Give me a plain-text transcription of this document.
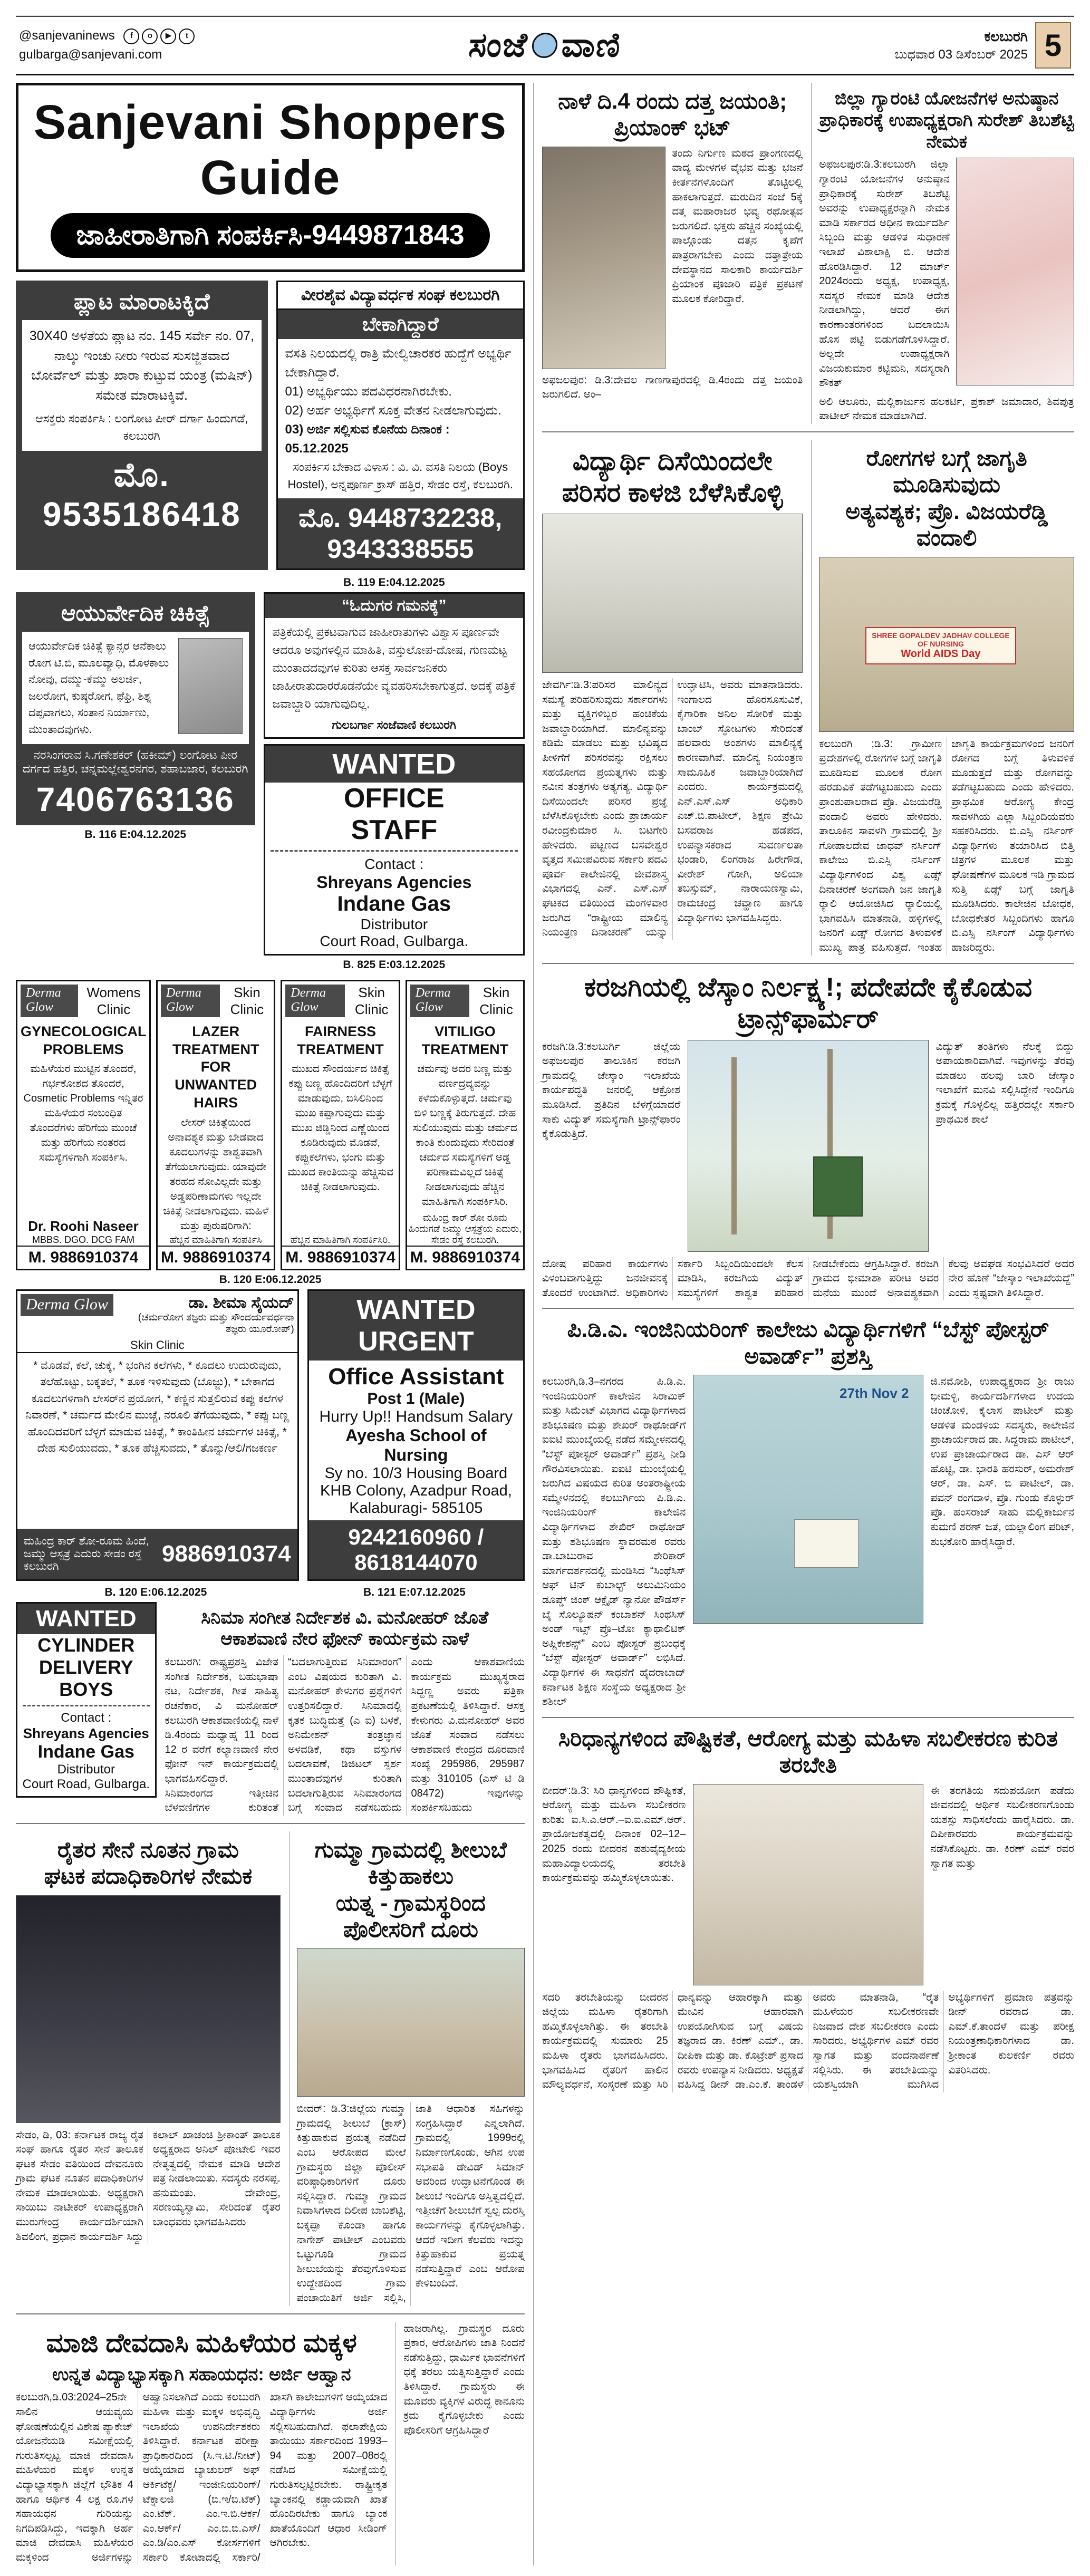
@sanjevaninews	f	o	▶	t
gulbarga@sanjevani.com	ಸಂಜೆ ವಾಣಿ	ಕಲಬುರಗಿ
ಬುಧವಾರ 03 ಡಿಸೆಂಬರ್ 2025 5
Sanjevani Shoppers Guide
ಜಾಹೀರಾತಿಗಾಗಿ ಸಂಪರ್ಕಿಸಿ-9449871843
ಪ್ಲಾಟ ಮಾರಾಟಕ್ಕಿದೆ
30X40 ಅಳತೆಯ ಪ್ಲಾಟ ನಂ. 145 ಸರ್ವೇ ನಂ. 07, ನಾಲ್ಕು ಇಂಚು ನೀರು ಇರುವ ಸುಸಜ್ಜಿತವಾದ ಬೋರ್ವೆಲ್ ಮತ್ತು ಖಾರಾ ಕುಟ್ಟುವ ಯಂತ್ರ (ಮಷಿನ್) ಸಮೇತ ಮಾರಾಟಕ್ಕಿವೆ.
ಆಸಕ್ತರು ಸಂಪರ್ಕಿಸಿ : ಲಂಗೋಟ ಪೀರ್ ದರ್ಗಾ ಹಿಂದುಗಡೆ, ಕಲಬುರಗಿ
ಮೊ. 9535186418
ವೀರಶೈವ ವಿದ್ಯಾವರ್ಧಕ ಸಂಘ ಕಲಬುರಗಿ
ಬೇಕಾಗಿದ್ದಾರೆ
ವಸತಿ ನಿಲಯದಲ್ಲಿ ರಾತ್ರಿ ಮೇಲ್ವಿಚಾರಕರ ಹುದ್ದೆಗೆ ಅಭ್ಯರ್ಥಿ ಬೇಕಾಗಿದ್ದಾರೆ.
01) ಅಭ್ಯರ್ಥಿಯು ಪದವಿಧರನಾಗಿರಬೇಕು.
02) ಅರ್ಹ ಅಭ್ಯರ್ಥಿಗೆ ಸೂಕ್ತ ವೇತನ ನೀಡಲಾಗುವುದು.
03) ಅರ್ಜಿ ಸಲ್ಲಿಸುವ ಕೊನೆಯ ದಿನಾಂಕ : 05.12.2025
ಸಂಪರ್ಕಿಸ ಬೇಕಾದ ವಿಳಾಸ : ವಿ. ವಿ. ವಸತಿ ನಿಲಯ (Boys Hostel), ಅನ್ನಪೂರ್ಣ ಕ್ರಾಸ್ ಹತ್ತಿರ, ಸೇಡಂ ರಸ್ತೆ, ಕಲಬುರಗಿ.
ಮೊ. 9448732238, 9343338555
B. 119 E:04.12.2025
ಆಯುರ್ವೇದಿಕ ಚಿಕಿತ್ಸೆ
ಆಯುರ್ವೇದಿಕ ಚಿಕಿತ್ಸೆ ಕ್ಯಾನ್ಸರ ಆನೆಕಾಲು ರೋಗ ಟಿ.ಬಿ, ಮೂಲವ್ಯಾಧಿ, ಮೊಳಕಾಲು ನೋವು, ದಮ್ಮು-ಕೆಮ್ಮು ಅಲರ್ಜಿ, ಜಲರೋಗ, ಕುಷ್ಠರೋಗ, ಫೆಫ್ರಿ, ಶಿಶ್ನ ದಪ್ಪವಾಗಲು, ಸಂತಾನ ನಿರ್ಯಾಣು, ಮುಂತಾದವುಗಳು.
ನರಸಿಂಗರಾವ ಸಿ.ಗಣೇಶಕರ್ (ಹಕೀಮ್) ಲಂಗೋಟ ಪೀರ ದರ್ಗದ ಹತ್ತಿರ, ಚನ್ನಮಲ್ಲೇಶ್ವರನಗರ, ಶಹಾಬಜಾರ, ಕಲಬುರಗಿ
7406763136
B. 116 E:04.12.2025
“ಓದುಗರ ಗಮನಕ್ಕೆ”
ಪತ್ರಿಕೆಯಲ್ಲಿ ಪ್ರಕಟವಾಗುವ ಜಾಹೀರಾತುಗಳು ವಿಶ್ವಾಸ ಪೂರ್ಣವೇ ಆದರೂ ಅವುಗಳಲ್ಲಿನ ಮಾಹಿತಿ, ವಸ್ತುಲೋಪ-ದೋಷ, ಗುಣಮಟ್ಟ ಮುಂತಾದದವುಗಳ ಕುರಿತು ಆಸಕ್ತ ಸಾರ್ವಜನಿಕರು ಜಾಹೀರಾತುದಾರರೊಡನೆಯೇ ವ್ಯವಹರಿಸಬೇಕಾಗುತ್ತದೆ. ಅದಕ್ಕೆ ಪತ್ರಿಕೆ ಜವಾಬ್ದಾರಿ ಯಾಗುವುದಿಲ್ಲ.
ಗುಲಬರ್ಗಾ ಸಂಜೆವಾಣಿ ಕಲಬುರಗಿ
WANTED
OFFICE
STAFF
Contact :
Shreyans Agencies
Indane Gas
Distributor
Court Road, Gulbarga.
B. 825 E:03.12.2025
Derma Glow
Womens Clinic
GYNECOLOGICAL PROBLEMS
ಮಹಿಳೆಯರ ಮುಟ್ಟಿನ ತೊಂದರೆ, ಗರ್ಭಕೋಶದ ತೊಂದರೆ, Cosmetic Problems ಇನ್ನಿತರ ಮಹಿಳೆಯರ ಸಂಬಂಧಿತ ತೊಂದರೆಗಳು ಹೆರಿಗೆಯ ಮುಂಚೆ ಮತ್ತು ಹೆರಿಗೆಯ ನಂತರದ ಸಮಸ್ಯೆಗಳಿಗಾಗಿ ಸಂಪರ್ಕಿಸಿ.
Dr. Roohi Naseer
MBBS. DGO. DCG FAM
M. 9886910374
Derma Glow
Skin Clinic
LAZER TREATMENT FOR UNWANTED HAIRS
ಲೇಸರ್ ಚಿಕಿತ್ಸೆಯಿಂದ ಅನಾವಶ್ಯಕ ಮತ್ತು ಬೇಡವಾದ ಕೂದಲುಗಳನ್ನು ಶಾಶ್ವತವಾಗಿ ತೆಗೆಯಲಾಗುವುದು. ಯಾವುದೇ ತರಹದ ನೋವಿಲ್ಲದೇ ಮತ್ತು ಅಡ್ಡಪರಿಣಾಮಗಳು ಇಲ್ಲದೇ ಚಿಕಿತ್ಸೆ ನೀಡಲಾಗುವುದು. ಮಹಿಳೆ ಮತ್ತು ಪುರುಷರಿಗಾಗಿ:
ಹೆಚ್ಚಿನ ಮಾಹಿತಿಗಾಗಿ ಸಂಪರ್ಕಿಸಿ
M. 9886910374
Derma Glow
Skin Clinic
FAIRNESS TREATMENT
ಮುಖದ ಸೌಂದರ್ಯದ ಚಿಕಿತ್ಸೆ ಕಪ್ಪು ಬಣ್ಣ ಹೊಂದಿದರಿಗೆ ಬೆಳ್ಳಗೆ ಮಾಡುವುದು, ಬಿಸಿಲಿನಿಂದ ಮುಖ ಕಪ್ಪಾಗುವುದು ಮತ್ತು ಮುಖ ಜಿಡ್ಡಿನಿಂದ ಎಣ್ಣೆಯಿಂದ ಕೂಡಿರುವುದು ಮೊಡವೆ, ಕಪ್ಪುಕಲೆಗಳು, ಭಂಗು ಮತ್ತು ಮುಖದ ಕಾಂತಿಯನ್ನು ಹೆಚ್ಚಿಸುವ ಚಿಕಿತ್ಸೆ ನೀಡಲಾಗುವುದು.
ಹೆಚ್ಚಿನ ಮಾಹಿತಿಗಾಗಿ ಸಂಪರ್ಕಿಸಿರಿ.
M. 9886910374
Derma Glow
Skin Clinic
VITILIGO TREATMENT
ಚರ್ಮವು ಅದರ ಬಣ್ಣ ಮತ್ತು ವರ್ಣದ್ರವ್ಯವನ್ನು ಕಳೆದುಕೊಳ್ಳುತ್ತದೆ. ಚರ್ಮವು ಬಿಳಿ ಬಣ್ಣಕ್ಕೆ ತಿರುಗುತ್ತದೆ. ದೇಹ ಸುಲಿಯುವುದು ಮತ್ತು ಚರ್ಮದ ಕಾಂತಿ ಕುಂದುವುದು ಸೇರಿದಂತೆ ಚರ್ಮದ ಸಮಸ್ಯೆಗಳಿಗೆ ಅಡ್ಡ ಪರಿಣಾಮವಿಲ್ಲದೆ ಚಿಕಿತ್ಸೆ ನೀಡಲಾಗುವುದು ಹೆಚ್ಚಿನ ಮಾಹಿತಿಗಾಗಿ ಸಂಪರ್ಕಿಸಿರಿ.
ಮಹಿಂದ್ರ ಕಾರ್ ಶೋ ರೂಮ ಹಿಂದುಗಡೆ ಜಮ್ಮು ಆಸ್ಪತ್ರೆಯ ಎದುರು, ಸೇಡಂ ರಸ್ತೆ ಕಲಬುರಗಿ.
M. 9886910374
B. 120 E:06.12.2025
Derma Glow	ಡಾ. ಶೀಮಾ ಸೈಯದ್
(ಚರ್ಮರೋಗ ತಜ್ಞರು ಮತ್ತು ಸೌಂದರ್ಯವರ್ಧನಾ ತಜ್ಞರು ಯೂರೋಪ್)
Skin Clinic
* ಮೊಡವೆ, ಕಲೆ, ಚುಕ್ಕೆ, * ಭಂಗಿನ ಕಲೆಗಳು, * ಕೂದಲು ಉದುರುವುದು, ತಲೆಹೊಟ್ಟು, ಬಕ್ಕತಲೆ, * ತೂಕ ಇಳಿಸುವುದು (ಬೊಜ್ಜು), * ಬೇಕಾಗದ ಕೂದಲುಗಳಿಗಾಗಿ ಲೇಸರ್‌ನ ಪ್ರಯೋಗ, * ಕಣ್ಣಿನ ಸುತ್ತಲಿರುವ ಕಪ್ಪು ಕಲೆಗಳ ನಿವಾರಣೆ, * ಚರ್ಮದ ಮೇಲಿನ ಮುಚ್ಚೆ, ನರೂಲಿ ತೆಗೆಯುವುದು, * ಕಪ್ಪು ಬಣ್ಣ ಹೊಂದಿದವರಿಗೆ ಬೆಳ್ಳಗೆ ಮಾಡುವ ಚಿಕಿತ್ಸೆ, * ಕಾಂತಿಹೀನ ಚರ್ಮಗಳ ಚಿಕಿತ್ಸೆ, * ದೇಹ ಸುಲಿಯುವದು, * ತೂಕ ಹೆಚ್ಚಿಸುವದು, * ತೊನ್ನು/ಆಲಿ/ಗಜಕರ್ಣ
ಮಹಿಂದ್ರ ಕಾರ್ ಶೋ-ರೂಮ ಹಿಂದೆ, ಜಮ್ಮು ಆಸ್ಪತ್ರೆ ಎದುರು ಸೇಡಂ ರಸ್ತೆ ಕಲಬುರಗಿ	9886910374
WANTED URGENT
Office Assistant
Post 1 (Male)
Hurry Up!! Handsum Salary
Ayesha School of Nursing
Sy no. 10/3 Housing Board KHB Colony, Azadpur Road, Kalaburagi- 585105
9242160960 / 8618144070
B. 120 E:06.12.2025	B. 121 E:07.12.2025
WANTED
CYLINDER
DELIVERY
BOYS
Contact :
Shreyans Agencies
Indane Gas
Distributor
Court Road, Gulbarga.
ಸಿನಿಮಾ ಸಂಗೀತ ನಿರ್ದೇಶಕ ವಿ. ಮನೋಹರ್ ಜೊತೆ
ಆಕಾಶವಾಣಿ ನೇರ ಫೋನ್ ಕಾರ್ಯಕ್ರಮ ನಾಳೆ
ಕಲಬುರಗಿ: ರಾಷ್ಟ್ರಪ್ರಶಸ್ತಿ ವಿಜೇತ ಸಂಗೀತ ನಿರ್ದೇಶಕ, ಬಹುಭಾಷಾ ನಟ, ನಿರ್ದೇಶಕ, ಗೀತ ಸಾಹಿತ್ಯ ರಚನೆಕಾರ, ವಿ ಮನೋಹರ್ ಕಲಬುರಗಿ ಆಕಾಶವಾಣಿಯಲ್ಲಿ ನಾಳೆ ಡಿ.4ರಂದು ಮಧ್ಯಾಹ್ನ 11 ರಿಂದ 12 ರ ವರೆಗೆ ಕಲ್ಯಾಣವಾಣಿ ನೇರ ಫೋನ್ ಇನ್ ಕಾರ್ಯಕ್ರಮದಲ್ಲಿ ಭಾಗವಹಿಸಲಿದ್ದಾರೆ. ಸಿನಿಮಾರಂಗದ ಇತ್ತೀಚಿನ ಬೆಳವಣಿಗೆಗಳ ಕುರಿತಂತೆ “ಬದಲಾಗುತ್ತಿರುವ ಸಿನಿಮಾರಂಗ” ಎಂಬ ವಿಷಯದ ಕುರಿತಾಗಿ ವಿ. ಮನೋಹರ್ ಕೇಳುಗರ ಪ್ರಶ್ನೆಗಳಿಗೆ ಉತ್ತರಿಸಲಿದ್ದಾರೆ. ಸಿನಿಮಾದಲ್ಲಿ ಕೃತಕ ಬುದ್ಧಿಮತ್ತೆ (ಎ ಐ) ಬಳಕೆ, ಅನಿಮೇಶನ್ ತಂತ್ರಜ್ಞಾನ ಅಳವಡಿಕೆ, ಕಥಾ ವಸ್ತುಗಳ ಬದಲಾವಣೆ, ಡಿಜಿಟಲ್ ಸ್ಪರ್ಶ ಮುಂತಾದವುಗಳ ಕುರಿತಾಗಿ ಬದಲಾಗುತ್ತಿರುವ ಸಿನಿಮಾರಂಗದ ಬಗ್ಗೆ ಸಂವಾದ ನಡೆಸಬಹುದು ಎಂದು ಆಕಾಶವಾಣಿಯ ಕಾರ್ಯಕ್ರಮ ಮುಖ್ಯಸ್ಥರಾದ ಸಿದ್ದಣ್ಣ ಅವರು ಪತ್ರಿಕಾ ಪ್ರಕಟಣೆಯಲ್ಲಿ ತಿಳಿಸಿದ್ದಾರೆ. ಆಸಕ್ತ ಕೇಳುಗರು ವಿ.ಮನೋಹರ್ ಅವರ ಜೊತೆ ಸಂವಾದ ನಡೆಸಲು ಆಕಾಶವಾಣಿ ಕೇಂದ್ರದ ದೂರವಾಣಿ ಸಂಖ್ಯೆ 295986, 295987 ಮತ್ತು 310105 (ಎಸ್ ಟಿ ಡಿ 08472) ಇವುಗಳನ್ನು ಸಂಪರ್ಕಿಸಬಹುದು
ರೈತರ ಸೇನೆ ನೂತನ ಗ್ರಾಮ
ಘಟಕ ಪದಾಧಿಕಾರಿಗಳ ನೇಮಕ
ಸೇಡಂ, ಡಿ, 03: ಕರ್ನಾಟಕ ರಾಜ್ಯ ರೈತ ಸಂಘ ಹಾಗೂ ರೈತರ ಸೇನೆ ತಾಲೂಕ ಘಟಕ ಸೇಡಂ ವತಿಯಿಂದ ದೇವನೂರು ಗ್ರಾಮ ಘಟಕ ನೂತನ ಪದಾಧಿಕಾರಿಗಳ ನೇಮಕ ಮಾಡಲಾಯಿತು. ಅಧ್ಯಕ್ಷರಾಗಿ ಸಾಯಿಬು ನಾಟೀಕರ್ ಉಪಾಧ್ಯಕ್ಷರಾಗಿ ಮುರುಗೇಂದ್ರ ಕಾರ್ಯದರ್ಶಿಯಾಗಿ ಶಿವಲಿಂಗ, ಪ್ರಧಾನ ಕಾರ್ಯದರ್ಶಿ ಸಿದ್ದು ಕಲಾಲ್ ಖಾಚಂಚಿ ಶ್ರೀಕಾಂತ್ ತಾಲೂಕ ಅಧ್ಯಕ್ಷರಾದ ಅನಿಲ್ ಪೋಟೇಲಿ ಇವರ ನೇತೃತ್ವದಲ್ಲಿ ನೇಮಕ ಮಾಡಿ ಆದೇಶ ಪತ್ರ ನೀಡಲಾಯಿತು. ಸದಸ್ಯರು ನರಸಪ್ಪ. ಹನುಮಂತು. ದೇವೇಂದ್ರ, ಸರಣಯ್ಯಸ್ವಾಮಿ, ಸೇರಿದಂತೆ ರೈತರ ಬಾಂಧವರು ಭಾಗವಹಿಸಿದರು
ಗುಮ್ಮಾ ಗ್ರಾಮದಲ್ಲಿ ಶೀಲುಬೆ ಕಿತ್ತುಹಾಕಲು
ಯತ್ನ - ಗ್ರಾಮಸ್ಥರಿಂದ ಪೊಲೀಸರಿಗೆ ದೂರು
ಬೀದರ್: ಡಿ.3:ಜಿಲ್ಲೆಯ ಗುಮ್ಮಾ ಗ್ರಾಮದಲ್ಲಿ ಶೀಲುಬೆ (ಕ್ರಾಸ್) ಕಿತ್ತುಹಾಕುವ ಪ್ರಯತ್ನ ನಡೆದಿದೆ ಎಂಬ ಆರೋಪದ ಮೇಲೆ ಗ್ರಾಮಸ್ಥರು ಜಿಲ್ಲಾ ಪೊಲೀಸ್ ವರಿಷ್ಠಾಧಿಕಾರಿಗಳಿಗೆ ದೂರು ಸಲ್ಲಿಸಿದ್ದಾರೆ. ಗುಮ್ಮಾ ಗ್ರಾಮದ ನಿವಾಸಿಗಳಾದ ದಿಲೀಪ ಬಾಬಶೆಟ್ಟಿ, ಬಕ್ಕಪ್ಪಾ ಕೊಂಡಾ ಹಾಗೂ ನಾಗೇಶ್ ಪಾಟೀಲ್ ಎಂಬವರು ಒಟ್ಟುಗೂಡಿ ಗ್ರಾಮದ ಶೀಲುಬೆಯನ್ನು ತೆರವುಗೊಳಿಸುವ ಉದ್ದೇಶದಿಂದ ಗ್ರಾಮ ಪಂಚಾಯಿತಿಗೆ ಅರ್ಜಿ ಸಲ್ಲಿಸಿ, ಜಾತಿ ಆಧಾರಿತ ಸಹಿಗಳನ್ನು ಸಂಗ್ರಹಿಸಿದ್ದಾರೆ ಎನ್ನಲಾಗಿದೆ. ಗ್ರಾಮದಲ್ಲಿ 1999ರಲ್ಲಿ ನಿರ್ಮಾಣಗೊಂಡು, ಆಗಿನ ಉಪ ಸಭಾಪತಿ ಡೇವಿಡ್ ಸಿಮಾನ್ ಅವರಿಂದ ಉದ್ಘಾಟನೆಗೊಂಡ ಈ ಶೀಲುಬೆ ಇಂದಿಗೂ ಅಸ್ತಿತ್ವದಲ್ಲಿದೆ. ಇತ್ತೀಚೆಗೆ ಶೀಲುಬೆಗೆ ಸ್ವಲ್ಪ ದುರಸ್ತಿ ಕಾರ್ಯಗಳನ್ನು ಕೈಗೊಳ್ಳಲಾಗಿತ್ತು. ಆದರೆ ಇದೀಗ ಕೆಲವರು ಇದನ್ನು ಕಿತ್ತುಹಾಕುವ ಪ್ರಯತ್ನ ನಡೆಸುತ್ತಿದ್ದಾರೆ ಎಂಬ ಆರೋಪ ಕೇಳಿಬಂದಿದೆ.
ಮಾಜಿ ದೇವದಾಸಿ ಮಹಿಳೆಯರ ಮಕ್ಕಳ
ಉನ್ನತ ವಿದ್ಯಾಭ್ಯಾಸಕ್ಕಾಗಿ ಸಹಾಯಧನ: ಅರ್ಜಿ ಆಹ್ವಾನ
ಕಲಬುರಗಿ,ಡಿ.03:2024–25ನೇ ಸಾಲಿನ ಆಯವ್ಯಯ ಘೋಷಣೆಯಲ್ಲಿನ ವಿಶೇಷ ಪ್ಯಾಕೇಜ್ ಯೋಜನೆಯಡಿ ಸಮೀಕ್ಷೆಯಲ್ಲಿ ಗುರುತಿಸಲ್ಪಟ್ಟ ಮಾಜಿ ದೇವದಾಸಿ ಮಹಿಳೆಯರ ಮಕ್ಕಳ ಉನ್ನತ ವಿದ್ಯಾಭ್ಯಾಸಕ್ಕಾಗಿ ಜಿಲ್ಲೆಗೆ ಭೌತಿಕ 4 ಹಾಗೂ ಆರ್ಥಿಕ 4 ಲಕ್ಷ ರೂ.ಗಳ ಸಹಾಯಧನ ಗುರಿಯನ್ನು ನಿಗದಿಪಡಿಸಿದ್ದು, ಇದಕ್ಕಾಗಿ ಅರ್ಹ ಮಾಜಿ ದೇವದಾಸಿ ಮಹಿಳೆಯರ ಮಕ್ಕಳಿಂದ ಅರ್ಜಿಗಳನ್ನು ಆಹ್ವಾನಿಸಲಾಗಿದೆ ಎಂದು ಕಲಬುರಗಿ ಮಹಿಳಾ ಮತ್ತು ಮಕ್ಕಳ ಅಭಿವೃದ್ಧಿ ಇಲಾಖೆಯ ಉಪನಿರ್ದೇಶಕರು ತಿಳಿಸಿದ್ದಾರೆ. ಕರ್ನಾಟಕ ಪರೀಕ್ಷಾ ಪ್ರಾಧಿಕಾರದಿಂದ (ಸಿ.ಇ.ಟಿ./ನೀಟ್) ಆಯ್ಕೆಯಾದ ಬ್ಯಾಚುಲರ್ ಅಫ್ ಆರ್ಕಿಟೆಕ್ಚ/ ಇಂಜೀನಿಯರಿಂಗ್/ ಟೆಕ್ನಾಲಜಿ (ಬಿ.ಇ/ಬಿ.ಟೆಕ್) ಎಂ.ಟೆಕ್. ಎಂ.ಇ.ಬಿ.ಆರ್ಕ/ಎಂ.ಆರ್ಕ್/ ಎಂ.ಬಿ.ಬಿ.ಎಸ್/ಎಂ.ಡಿ/ಎಂ.ಎಸ್ ಕೋರ್ಸಗಳಿಗೆ ಸರ್ಕಾರಿ ಕೋಟಾದಲ್ಲಿ ಸರ್ಕಾರಿ/ಖಾಸಗಿ ಕಾಲೇಜುಗಳಿಗೆ ಆಯ್ಕೆಯಾದ ವಿದ್ಯಾರ್ಥಿಗಳು ಅರ್ಜಿ ಸಲ್ಲಿಸಬಹುದಾಗಿದೆ. ಫಲಾಪೇಕ್ಷಿಯ ತಾಯಿಯು ಸರ್ಕಾರದಿಂದ 1993–94 ಮತ್ತು 2007–08ರಲ್ಲಿ ನಡೆಸಿದ ಸಮೀಕ್ಷೆಯಲ್ಲಿ ಗುರುತಿಸಲ್ಪಟ್ಟಿರಬೇಕು. ರಾಷ್ಟ್ರೀಕೃತ ಬ್ಯಾಂಕನಲ್ಲಿ ಕಡ್ಡಾಯವಾಗಿ ಖಾತೆ ಹೊಂದಿರಬೇಕು ಹಾಗೂ ಬ್ಯಾಂಕ ಖಾತೆಯೊಂದಿಗೆ ಆಧಾರ ಸೀಡಿಂಗ್ ಆಗಿರಬೇಕು.
ಹಾಜರಾಗಿಲ್ಲ. ಗ್ರಾಮಸ್ಥರ ದೂರು ಪ್ರಕಾರ, ಆರೋಪಿಗಳು ಜಾತಿ ನಿಂದನೆ ನಡೆಸುತ್ತಿದ್ದು, ಧಾರ್ಮಿಕ ಭಾವನೆಗಳಿಗೆ ಧಕ್ಕೆ ತರಲು ಯತ್ನಿಸುತ್ತಿದ್ದಾರೆ ಎಂದು ತಿಳಿಸಿದ್ದಾರೆ. ಗ್ರಾಮಸ್ಥರು ಈ ಮೂವರು ವ್ಯಕ್ತಿಗಳ ವಿರುದ್ಧ ಕಾನೂನು ಕ್ರಮ ಕೈಗೊಳ್ಳಬೇಕು ಎಂದು ಪೊಲೀಸರಿಗೆ ಆಗ್ರಹಿಸಿದ್ದಾರೆ
ನಾಳೆ ದಿ.4 ರಂದು ದತ್ತ ಜಯಂತಿ; ಪ್ರಿಯಾಂಕ್ ಭಟ್
ತಂದು ನಿರ್ಗುಣ ಮಠದ ಪ್ರಾಂಗಣದಲ್ಲಿ ವಾದ್ಯ ಮೇಳಗಳ ವೈಭವ ಮತ್ತು ಭಜನೆ ಕೀರ್ತನೆಗಳೊಂದಿಗೆ ತೊಟ್ಟಿಲಲ್ಲಿ ಹಾಕಲಾಗುತ್ತದೆ. ಮರುದಿನ ಸಂಜೆ 5ಕ್ಕೆ ದತ್ತ ಮಹಾರಾಜರ ಭವ್ಯ ರಥೋತ್ಸವ ಜರುಗಲಿದೆ. ಭಕ್ತರು ಹೆಚ್ಚಿನ ಸಂಖ್ಯೆಯಲ್ಲಿ ಪಾಲ್ಗೊಂಡು ದತ್ತನ ಕೃಪೆಗೆ ಪಾತ್ರರಾಗಬೇಕು ಎಂದು ದತ್ತಾತ್ರೇಯ ದೇವಸ್ಥಾನದ ಸಾಲಕಾರಿ ಕಾರ್ಯದರ್ಶಿ ಪ್ರಿಯಾಂಕ ಪೂಜಾರಿ ಪತ್ರಿಕೆ ಪ್ರಕಟಣೆ ಮೂಲಕ ಕೋರಿದ್ದಾರೆ.
ಅಫಜಲಪುರ: ಡಿ.3:ದೇವಲ ಗಾಣಗಾಪುರದಲ್ಲಿ ಡಿ.4ರಂದು ದತ್ತ ಜಯಂತಿ ಜರುಗಲಿದೆ. ಅಂ–
ಜಿಲ್ಲಾ ಗ್ಯಾರಂಟಿ ಯೋಜನೆಗಳ ಅನುಷ್ಠಾನ ಪ್ರಾಧಿಕಾರಕ್ಕೆ ಉಪಾಧ್ಯಕ್ಷರಾಗಿ ಸುರೇಶ್ ತಿಬಶೆಟ್ಟಿ ನೇಮಕ
ಅಫಜಲಪುರ:ಡಿ.3:ಕಲಬುರಗಿ ಜಿಲ್ಲಾ ಗ್ಯಾರಂಟಿ ಯೋಜನೆಗಳ ಅನುಷ್ಠಾನ ಪ್ರಾಧಿಕಾರಕ್ಕೆ ಸುರೇಶ್ ತಿಬಶೆಟ್ಟಿ ಅವರನ್ನು ಉಪಾಧ್ಯಕ್ಷರನ್ನಾಗಿ ನೇಮಕ ಮಾಡಿ ಸರ್ಕಾರದ ಅಧೀನ ಕಾರ್ಯದರ್ಶಿ ಸಿಬ್ಬಂದಿ ಮತ್ತು ಆಡಳಿತ ಸುಧಾರಣೆ ಇಲಾಖೆ ವಿಶಾಲಾಕ್ಷಿ ಬಿ. ಆದೇಶ ಹೊರಡಿಸಿದ್ದಾರೆ. 12 ಮಾರ್ಚ್ 2024ರಂದು ಅಧ್ಯಕ್ಷ, ಉಪಾಧ್ಯಕ್ಷ, ಸದಸ್ಯರ ನೇಮಕ ಮಾಡಿ ಆದೇಶ ನೀಡಲಾಗಿದ್ದು, ಆದರೆ ಈಗ ಕಾರಣಾಂತರಗಳಿಂದ ಬದಲಾಯಿಸಿ ಹೊಸ ಪಟ್ಟಿ ಬಿಡುಗಡೆಗೊಳಿಸಿದ್ದಾರೆ. ಅಲ್ಲದೇ ಉಪಾಧ್ಯಕ್ಷರಾಗಿ ವಿಜಯಕುಮಾರ ಕಟ್ಟಿಮನಿ, ಸದಸ್ಯರಾಗಿ ಶೌಕತ್
ಅಲಿ ಆಲೂರು, ಮಲ್ಲಿಕಾರ್ಜುನ ಹಲಕರ್ಟಿ, ಪ್ರಕಾಶ್ ಜಮಾದಾರ, ಶಿವಪುತ್ರ ಪಾಟೀಲ್ ನೇಮಕ ಮಾಡಲಾಗಿದೆ.
ವಿದ್ಯಾರ್ಥಿ ದಿಸೆಯಿಂದಲೇ
ಪರಿಸರ ಕಾಳಜಿ ಬೆಳೆಸಿಕೊಳ್ಳಿ
ಜೇವರ್ಗಿ:ಡಿ.3:ಪರಿಸರ ಮಾಲಿನ್ಯದ ಸಮಸ್ಯೆ ಪರಿಹರಿಸುವುದು ಸರ್ಕಾರಗಳು ಮತ್ತು ವ್ಯಕ್ತಿಗಳಿಬ್ಬರ ಹಂಚಿಕೆಯ ಜವಾಬ್ದಾರಿಯಾಗಿದೆ. ಮಾಲಿನ್ಯವನ್ನು ಕಡಿಮೆ ಮಾಡಲು ಮತ್ತು ಭವಿಷ್ಯದ ಪೀಳಿಗೆಗೆ ಪರಿಸರವನ್ನು ರಕ್ಷಿಸಲು ಸಹಯೋಗದ ಪ್ರಯತ್ನಗಳು ಮತ್ತು ನವೀನ ತಂತ್ರಗಳು ಅತ್ಯಗತ್ಯ. ವಿದ್ಯಾರ್ಥಿ ದಿಸೆಯಿಂದಲೇ ಪರಿಸರ ಪ್ರಜ್ಞೆ ಬೆಳೆಸಿಕೊಳ್ಳಬೇಕು ಎಂದು ಪ್ರಾಚಾರ್ಯ ರವೀಂದ್ರಕುಮಾರ ಸಿ. ಬಟಗೇರಿ ಹೇಳಿದರು. ಪಟ್ಟಣದ ಬಸವೇಶ್ವರ ವೃತ್ತದ ಸಮೀಪವಿರುವ ಸರ್ಕಾರಿ ಪದವಿ ಪೂರ್ವ ಕಾಲೇಜಿನಲ್ಲಿ ಜೀವಶಾಸ್ತ್ರ ವಿಭಾಗದಲ್ಲಿ ಎನ್. ಎಸ್.ಎಸ್ ಘಟಕದ ವತಿಯಿಂದ ಮಂಗಳವಾರ ಜರುಗಿದ “ರಾಷ್ಟ್ರೀಯ ಮಾಲಿನ್ಯ ನಿಯಂತ್ರಣ ದಿನಾಚರಣೆ” ಯನ್ನು ಉದ್ಘಾಟಿಸಿ, ಅವರು ಮಾತನಾಡಿದರು. ಇಂಗಾಲದ ಹೊರಸೂಸುವಿಕೆ, ಕೈಗಾರಿಕಾ ಅನಿಲ ಸೋರಿಕೆ ಮತ್ತು ಬಾಂಬ್ ಸ್ಫೋಟಗಳು ಸೇರಿದಂತೆ ಹಲವಾರು ಅಂಶಗಳು ಮಾಲಿನ್ಯಕ್ಕೆ ಕಾರಣವಾಗಿವೆ. ಮಾಲಿನ್ಯ ನಿಯಂತ್ರಣ ಸಾಮೂಹಿಕ ಜವಾಬ್ದಾರಿಯಾಗಿದೆ ಎಂದರು. ಕಾರ್ಯಕ್ರಮದಲ್ಲಿ ಎನ್.ಎಸ್.ಎಸ್ ಅಧಿಕಾರಿ ಎಚ್.ಬಿ.ಪಾಟೀಲ್, ಶಿಕ್ಷಣ ಪ್ರೇಮಿ ಬಸವರಾಜ ಹಡಪದ, ಉಪನ್ಯಾಸಕರಾದ ಸುವರ್ಣಲತಾ ಭಂಡಾರಿ, ಲಿಂಗರಾಜ ಹಿರೇಗೌಡ, ವೀರೇಶ್ ಗೋಗಿ, ಅಲಿಯಾ ತಬಸ್ಸುಮ್, ನಾರಾಯಣಸ್ವಾಮಿ, ರಾಮಚಂದ್ರ ಚವ್ಹಾಣ ಹಾಗೂ ವಿದ್ಯಾರ್ಥಿಗಳು ಭಾಗವಹಿಸಿದ್ದರು.
ರೋಗಗಳ ಬಗ್ಗೆ ಜಾಗೃತಿ ಮೂಡಿಸುವುದು
ಅತ್ಯವಶ್ಯಕ; ಪ್ರೊ. ವಿಜಯರೆಡ್ಡಿ ವಂದಾಲಿ
SHREE GOPALDEV JADHAV COLLEGE OF NURSING
World AIDS Day
ಕಲಬುರಗಿ ;ಡಿ.3: ಗ್ರಾಮೀಣ ಪ್ರದೇಶಗಳಲ್ಲಿ ರೋಗಗಳ ಬಗ್ಗೆ ಜಾಗೃತಿ ಮೂಡಿಸುವ ಮೂಲಕ ರೋಗ ಹರಡುವಿಕೆ ತಡೆಗಟ್ಟಬಹುದು ಎಂದು ಪ್ರಾಂಶುಪಾಲರಾದ ಪ್ರೊ. ವಿಜಯರೆಡ್ಡಿ ವಂದಾಲಿ ಅವರು ಹೇಳಿದರು. ತಾಲೂಕಿನ ಸಾವಳಗಿ ಗ್ರಾಮದಲ್ಲಿ ಶ್ರೀ ಗೋಪಾಲದೇವ ಜಾಧವ್ ನರ್ಸಿಂಗ್ ಕಾಲೇಜು ಬಿ.ಎಸ್ಸಿ ನರ್ಸಿಂಗ್ ವಿದ್ಯಾರ್ಥಿಗಳಿಂದ ವಿಶ್ವ ಏಡ್ಸ್ ದಿನಾಚರಣೆ ಅಂಗವಾಗಿ ಜನ ಜಾಗೃತಿ ರ‍್ಯಾಲಿ ಆಯೋಜಿಸಿದ ರ‍್ಯಾಲಿಯಲ್ಲಿ ಭಾಗವಹಿಸಿ ಮಾತನಾಡಿ, ಹಳ್ಳಿಗಳಲ್ಲಿ ಜನರಿಗೆ ಏಡ್ಸ್ ರೋಗದ ತಿಳುವಳಿಕೆ ಮುಖ್ಯ ಪಾತ್ರ ವಹಿಸುತ್ತದೆ. ಇಂತಹ ಜಾಗೃತಿ ಕಾರ್ಯಕ್ರಮಗಳಿಂದ ಜನರಿಗೆ ರೋಗದ ಬಗ್ಗೆ ತಿಳುವಳಿಕೆ ಮೂಡುತ್ತದೆ ಮತ್ತು ರೋಗವನ್ನು ತಡೆಗಟ್ಟಬಹುದು ಎಂದು ಹೇಳಿದರು. ಪ್ರಾಥಮಿಕ ಆರೋಗ್ಯ ಕೇಂದ್ರ ಸಾವಳಗಿಯ ಎಲ್ಲಾ ಸಿಬ್ಬಂದಿಯವರು ಸಹಕರಿಸಿದರು. ಬಿ.ಎಸ್ಸಿ ನರ್ಸಿಂಗ್ ವಿದ್ಯಾರ್ಥಿಗಳು ತಯಾರಿಸಿದ ಬಿತ್ತಿ ಚಿತ್ರಗಳ ಮೂಲಕ ಮತ್ತು ಘೋಷಣೆಗಳ ಮೂಲಕ ಇಡಿ ಗ್ರಾಮದ ಸುತ್ತಿ ಏಡ್ಸ್ ಬಗ್ಗೆ ಜಾಗೃತಿ ಮೂಡಿಸಿದರು. ಕಾಲೇಜಿನ ಬೋಧಕ, ಬೋಧಕೇತರ ಸಿಬ್ಬಂದಿಗಳು ಹಾಗೂ ಬಿ.ಎಸ್ಸಿ ನರ್ಸಿಂಗ್ ವಿದ್ಯಾರ್ಥಿಗಳು ಹಾಜರಿದ್ದರು.
ಕರಜಗಿಯಲ್ಲಿ ಜೆಸ್ಕಾಂ ನಿರ್ಲಕ್ಷ್ಯ!; ಪದೇಪದೇ ಕೈಕೊಡುವ ಟ್ರಾನ್ಸ್‌ಫಾರ್ಮರ್
ಕರಜಗಿ:ಡಿ.3:ಕಲಬುರ್ಗಿ ಜಿಲ್ಲೆಯ ಅಫಜಲಪುರ ತಾಲೂಕಿನ ಕರಜಗಿ ಗ್ರಾಮದಲ್ಲಿ ಜೇಸ್ಕಾಂ ಇಲಾಖೆಯ ಕಾರ್ಯಪದ್ಧತಿ ಜನರಲ್ಲಿ ಆಕ್ರೋಶ ಮೂಡಿಸಿದೆ. ಪ್ರತಿದಿನ ಬೆಳಗ್ಗೆಯಾದರೆ ಸಾಕು ವಿದ್ಯುತ್ ಸಮಸ್ಯೆಗಾಗಿ ಟ್ರಾನ್ಸ್‌ಫಾರಂ ಕೈಕೊಡುತ್ತಿದೆ.
ವಿದ್ಯುತ್ ತಂತಿಗಳು ನೆಲಕ್ಕೆ ಬಿದ್ದು ಅಪಾಯಕಾರಿವಾಗಿವೆ. ಇವುಗಳನ್ನು ತೆರವು ಮಾಡಲು ಹಲವು ಬಾರಿ ಜೇಸ್ಕಾಂ ಇಲಾಖೆಗೆ ಮನವಿ ಸಲ್ಲಿಸಿದ್ದೇನೆ ಇಂದಿಗೂ ಕ್ರಮಕ್ಕೆ ಗೊಳ್ಳಲಿಲ್ಲ ಹತ್ತಿರದಲ್ಲೇ ಸರ್ಕಾರಿ ಪ್ರಾಥಮಿಕ ಶಾಲೆ
ದೋಷ ಪರಿಹಾರ ಕಾರ್ಯಗಳು ವಿಳಂಬವಾಗುತ್ತಿದ್ದು ಜನಜೀವನಕ್ಕೆ ತೊಂದರೆ ಉಂಟಾಗಿದೆ. ಅಧಿಕಾರಿಗಳು ಸರ್ಕಾರಿ ಸಿಬ್ಬಂದಿಯಿಂದಲೇ ಕೆಲಸ ಮಾಡಿಸಿ, ಕರಜಗಿಯ ವಿದ್ಯುತ್ ಸಮಸ್ಯೆಗಳಿಗೆ ಶಾಶ್ವತ ಪರಿಹಾರ ನೀಡಬೇಕೆಂದು ಆಗ್ರಹಿಸಿದ್ದಾರೆ. ಕರಜಗಿ ಗ್ರಾಮದ ಭೀಮಾಶಾ ಪರೀಟ ಅವರ ಮನೆಯ ಮುಂದೆ ಅನಾವಶ್ಯಕವಾಗಿ ಕೆಲವು ಅವಘಡ ಸಂಭವಿಸಿದರೆ ಅದರ ನೇರ ಹೊಣೆ “ಜೇಸ್ಕಾಂ ಇಲಾಖೆಯದ್ದೆ” ಎಂದು ಸ್ಪಷ್ಟವಾಗಿ ತಿಳಿಸಿದ್ದಾರೆ.
ಪಿ.ಡಿ.ಎ. ಇಂಜಿನಿಯರಿಂಗ್ ಕಾಲೇಜು ವಿದ್ಯಾರ್ಥಿಗಳಿಗೆ “ಬೆಸ್ಟ್ ಪೋಸ್ಟರ್ ಅವಾರ್ಡ್” ಪ್ರಶಸ್ತಿ
ಕಲಬುರಗಿ,ಡಿ.3–ನಗರದ ಪಿ.ಡಿ.ಎ. ಇಂಜಿನಿಯರಿಂಗ್ ಕಾಲೇಜಿನ ಸಿರಾಮಿಕ್ ಮತ್ತು ಸಿಮೆಂಟ್ ವಿಭಾಗದ ವಿದ್ಯಾರ್ಥಿಗಳಾದ ಶಶಿಭೂಷಣ ಮತ್ತು ಶೇಖರ್ ರಾಥೋಡ್‌ಗೆ ಐಐಟಿ ಮುಂಬೈಯಲ್ಲಿ ನಡೆದ ಸಮ್ಮೇಳನದಲ್ಲಿ “ಬೆಸ್ಟ್ ಪೋಸ್ಟರ್ ಅವಾರ್ಡ್” ಪ್ರಶಸ್ತಿ ನೀಡಿ ಗೌರವಿಸಲಾಯಿತು. ಐಐಟಿ ಮುಂಬೈಯಲ್ಲಿ ಜರುಗಿದ ವಿಷಯದ ಕುರಿತ ಅಂತರಾಷ್ಟ್ರೀಯ ಸಮ್ಮೇಳನದಲ್ಲಿ ಕಲಬುರ್ಗಿಯ ಪಿ.ಡಿ.ಎ. ಇಂಜಿನಿಯರಿಂಗ್ ಕಾಲೇಜಿನ ವಿದ್ಯಾರ್ಥಿಗಳಾದ ಶೇಖಿರ್ ರಾಥೋಡ್ ಮತ್ತು ಶಶಿಭೂಷಣ ಸ್ಥಾವರಮಠ ರವರು ಡಾ.ಬಾಬುರಾವ ಶೇರಿಕಾರ್ ಮಾರ್ಗದರ್ಶನದಲ್ಲಿ ಮಂಡಿಸಿದ “ಸಿಂಥೆಸಿಸ್ ಆಫ್ ಟಿನ್ ಕುಬಾಲ್ಟ್ ಅಲುಮಿನಿಯಂ ಡೂಪ್ಡ್ ಜಿಂಕ್ ಆಕ್ಸೈಡ್ ನ್ಯಾನೋ ಪೌಡರ್ಸ್ ಬೈ ಸೊಲ್ಯೂಷನ್ ಕಂಬಾಶನ್ ಸಿಂಥಸಿಸ್ ಅಂಡ್ ಇಟ್ಸ್ ಪ್ರೊ–ಟೋ ಕ್ಯಾಥಾಲಿಟಿಕ್ ಅಪ್ಲಿಕೇಶನ್ಸ್” ಎಂಬ ಪೋಸ್ಟರ್ ಪ್ರಬಂಧಕ್ಕೆ “ಬೆಸ್ಟ್ ಪೋಸ್ಟರ್ ಅವಾರ್ಡ್” ಲಭಿಸಿದೆ. ವಿದ್ಯಾರ್ಥಿಗಳ ಈ ಸಾಧನೆಗೆ ಹೈದರಾಬಾದ್ ಕರ್ನಾಟಕ ಶಿಕ್ಷಣ ಸಂಸ್ಥೆಯ ಅಧ್ಯಕ್ಷರಾದ ಶ್ರೀ ಶಶೀಲ್
27th Nov 2
ಜಿ.ನಮೋಶಿ, ಉಪಾಧ್ಯಕ್ಷರಾದ ಶ್ರೀ ರಾಜು ಭೀಮಳ್ಳಿ, ಕಾರ್ಯದರ್ಶಿಗಳಾದ ಉದಯ ಚಿಂಚೋಳಿ, ಕೈಲಾಸ ಪಾಟೀಲ್ ಮತ್ತು ಆಡಳಿತ ಮಂಡಳಿಯ ಸದಸ್ಯರು, ಕಾಲೇಜಿನ ಪ್ರಾಚಾರ್ಯರಾದ ಡಾ. ಸಿದ್ದರಾಮ ಪಾಟೀಲ್, ಉಪ ಪ್ರಾಚಾರ್ಯರಾದ ಡಾ. ಎಸ್ ಆರ್ ಹೊಟ್ಟಿ, ಡಾ. ಭಾರತಿ ಹರಸುರ್, ಅಮರೇಶ್ ಆರ್, ಡಾ. ಎಸ್. ಬಿ ಪಾಟೀಲ್, ಡಾ. ಪವನ್ ರಂಗದಾಳ, ಪ್ರೊ. ಗುಂಡು ಕೊಳ್ಳುರ್ ಪ್ರೊ. ಹಂಸರಾಜ್ ಸಾಹು ಮಲ್ಲಿಕಾರ್ಜುನ ಕುಮಣಿ ಶರಣ್ ಜತೆ, ಯಲ್ಲಾಲಿಂಗ ಪರಿಟ್, ಶುಭಕೋರಿ ಹಾರೈಸಿದ್ದಾರೆ.
ಸಿರಿಧಾನ್ಯಗಳಿಂದ ಪೌಷ್ಟಿಕತೆ, ಆರೋಗ್ಯ ಮತ್ತು ಮಹಿಳಾ ಸಬಲೀಕರಣ ಕುರಿತ ತರಬೇತಿ
ಬೀದರ್:ಡಿ.3: ಸಿರಿ ಧಾನ್ಯಗಳಿಂದ ಪೌಷ್ಟಿಕತೆ, ಆರೋಗ್ಯ ಮತ್ತು ಮಹಿಳಾ ಸಬಲೀಕರಣ ಕುರಿತು ಐ.ಸಿ.ಎ.ಆರ್.–ಐ.ಐ.ಎಮ್.ಆರ್. ಪ್ರಾಯೋಜಕತ್ವದಲ್ಲಿ ದಿನಾಂಕ 02–12–2025 ರಂದು ಬೀದರನ ಪಶುವೈದ್ಯಕೀಯ ಮಹಾವಿದ್ಯಾಲಯದಲ್ಲಿ ತರಬೇತಿ ಕಾರ್ಯಕ್ರಮವನ್ನು ಹಮ್ಮಿಕೊಳ್ಳಲಾಯಿತು.
ಈ ತರಗತಿಯ ಸದುಪಯೋಗ ಪಡೆದು ಜೀವನದಲ್ಲಿ ಆರ್ಥಿಕ ಸಬಲೀಕರಣಗೊಂಡು ಯಶಸ್ಸು ಸಾಧಿಸಲೆಂದು ಹಾರೈಸಿದರು. ಡಾ. ದಿಪೀಕಾರವರು ಕಾರ್ಯಕ್ರಮವನ್ನು ನಡೆಸಿಕೊಟ್ಟರು. ಡಾ. ಕಿರಣ್ ಎಮ್ ರವರ ಸ್ವಾಗತ ಮತ್ತು
ಸದರಿ ತರಬೇತಿಯನ್ನು ಬೀದರನ ಜಿಲ್ಲೆಯ ಮಹಿಳಾ ರೈತರಿಗಾಗಿ ಹಮ್ಮಿಕೊಳ್ಳಲಾಗಿತ್ತು. ಈ ತರಬೇತಿ ಕಾರ್ಯಕ್ರಮದಲ್ಲಿ ಸುಮಾರು 25 ಮಹಿಳಾ ರೈತರು ಭಾಗವಹಿಸಿದರು. ಭಾಗವಹಿಸಿದ ರೈತರಿಗೆ ಹಾಲಿನ ಮೌಲ್ಯವರ್ಧನೆ, ಸಂಸ್ಕರಣೆ ಮತ್ತು ಸಿರಿ ಧಾನ್ಯವನ್ನು ಆಹಾರಕ್ಕಾಗಿ ಮತ್ತು ಮೇವಿನ ಆಹಾರವಾಗಿ ಉಪಯೋಗಿಸುವ ಬಗ್ಗೆ ವಿಷಯ ತಜ್ಞರಾದ ಡಾ. ಕಿರಣ್ ಎಮ್., ಡಾ. ದೀಪಿಕಾ ಮತ್ತು ಡಾ. ಕೊಟ್ರೇಶ್ ಪ್ರಸಾದ ರವರು ಉಪನ್ಯಾಸ ನೀಡಿದರು. ಅಧ್ಯಕ್ಷತೆ ವಹಿಸಿದ್ದ ಡೀನ್ ಡಾ.ಎಂ.ಕೆ. ತಾಂಡಳೆ ಅವರು ಮಾತನಾಡಿ, “ರೈತ ಮಹಿಳೆಯರ ಸಬಲೀಕರಣವೇ ನಿಜವಾದ ದೇಶ ಸಬಲೀಕರಣ ಎಂದು ಸಾರಿದರು, ಅಭ್ಯರ್ಥಿಗಳ ಎಮ್ ರವರ ಸ್ವಾಗತ ಮತ್ತು ವಂದನಾರ್ಪಣೆ ಸಲ್ಲಿಸಿರು. ಈ ತರಬೇತಿಯನ್ನು ಯಶಸ್ವಿಯಾಗಿ ಮುಗಿಸಿದ ಅಭ್ಯರ್ಥಿಗಳಿಗೆ ಪ್ರಮಾಣ ಪತ್ರವನ್ನು ಡೀನ್ ರವರಾದ ಡಾ. ಎಮ್.ಕೆ.ತಾಂದಳೆ ಮತ್ತು ಪರೀಕ್ಷ ನಿಯಂತ್ರಣಾಧಿಕಾರಿಗಳಾದ ಡಾ. ಶ್ರೀಕಾಂತ ಕುಲಕರ್ಣಿ ರವರು ವಿತರಿಸಿದರು.
